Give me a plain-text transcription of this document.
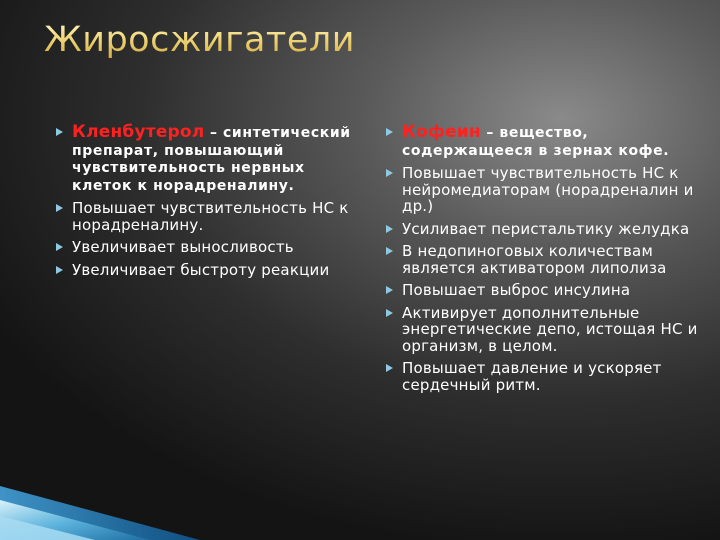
Жиросжигатели
Кленбутерол – синтетический препарат, повышающий чувствительность нервных клеток к норадреналину.
Повышает чувствительность НС к норадреналину.
Увеличивает выносливость
Увеличивает быстроту реакции
Кофеин – вещество, содержащееся в зернах кофе.
Повышает чувствительность НС к нейромедиаторам (норадреналин и др.)
Усиливает перистальтику желудка
В недопиноговых количествам является активатором липолиза
Повышает выброс инсулина
Активирует дополнительные энергетические депо, истощая НС и организм, в целом.
Повышает давление и ускоряет сердечный ритм.
